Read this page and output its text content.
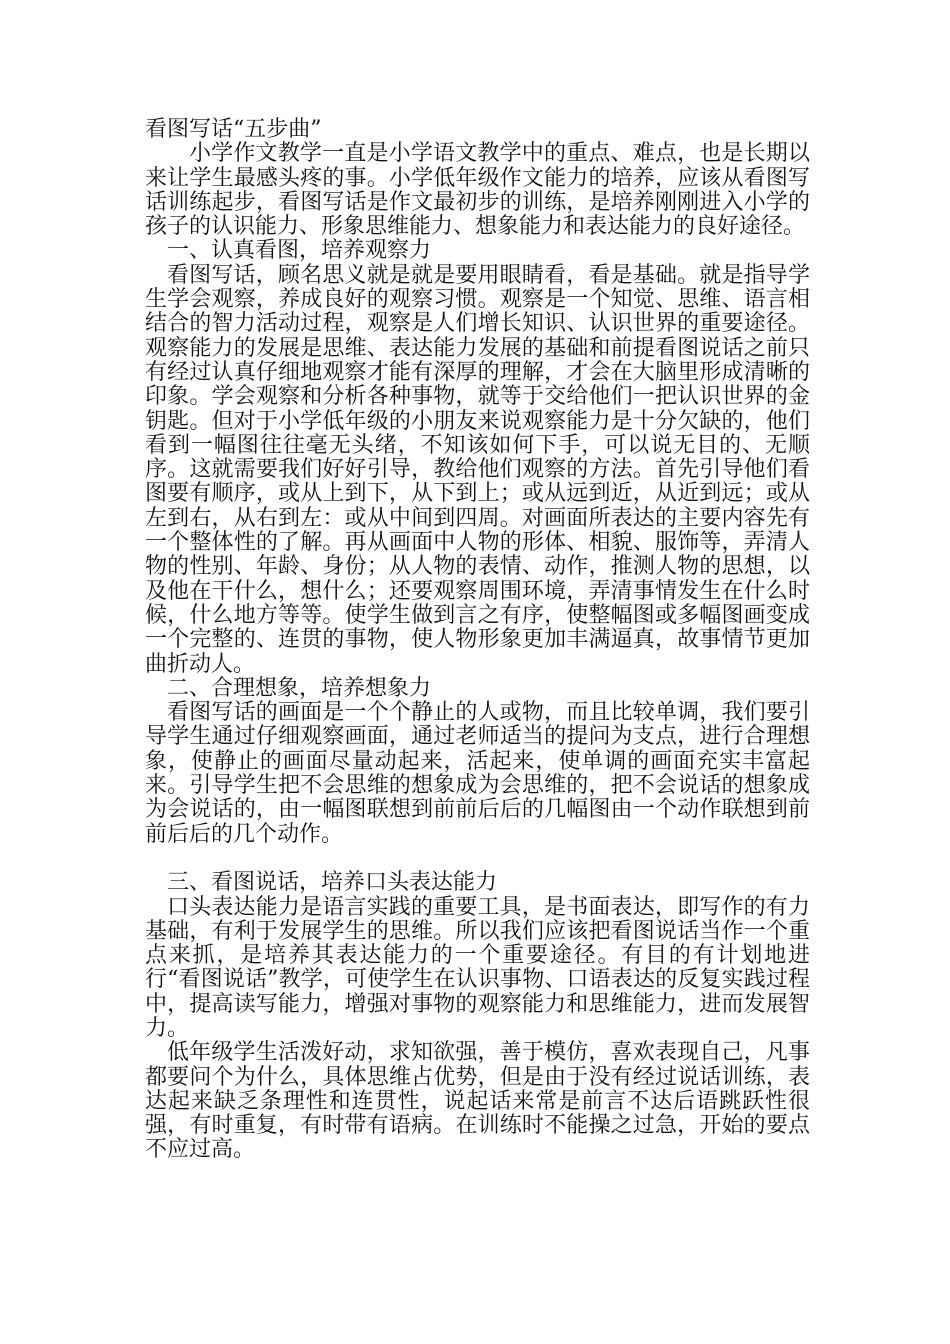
看图写话“五步曲”

小学作文教学一直是小学语文教学中的重点、难点，也是长期以来让学生最感头疼的事。小学低年级作文能力的培养，应该从看图写话训练起步，看图写话是作文最初步的训练，是培养刚刚进入小学的孩子的认识能力、形象思维能力、想象能力和表达能力的良好途径。

一、认真看图，培养观察力

看图写话，顾名思义就是就是要用眼睛看，看是基础。就是指导学生学会观察，养成良好的观察习惯。观察是一个知觉、思维、语言相结合的智力活动过程，观察是人们增长知识、认识世界的重要途径。观察能力的发展是思维、表达能力发展的基础和前提看图说话之前只有经过认真仔细地观察才能有深厚的理解，才会在大脑里形成清晰的印象。学会观察和分析各种事物，就等于交给他们一把认识世界的金钥匙。但对于小学低年级的小朋友来说观察能力是十分欠缺的，他们看到一幅图往往毫无头绪，不知该如何下手，可以说无目的、无顺序。这就需要我们好好引导，教给他们观察的方法。首先引导他们看图要有顺序，或从上到下，从下到上；或从远到近，从近到远；或从左到右，从右到左：或从中间到四周。对画面所表达的主要内容先有一个整体性的了解。再从画面中人物的形体、相貌、服饰等，弄清人物的性别、年龄、身份；从人物的表情、动作，推测人物的思想，以及他在干什么，想什么；还要观察周围环境，弄清事情发生在什么时候，什么地方等等。使学生做到言之有序，使整幅图或多幅图画变成一个完整的、连贯的事物，使人物形象更加丰满逼真，故事情节更加曲折动人。

二、合理想象，培养想象力

看图写话的画面是一个个静止的人或物，而且比较单调，我们要引导学生通过仔细观察画面，通过老师适当的提问为支点，进行合理想象，使静止的画面尽量动起来，活起来，使单调的画面充实丰富起来。引导学生把不会思维的想象成为会思维的，把不会说话的想象成为会说话的，由一幅图联想到前前后后的几幅图由一个动作联想到前前后后的几个动作。

三、看图说话，培养口头表达能力

口头表达能力是语言实践的重要工具，是书面表达，即写作的有力基础，有利于发展学生的思维。所以我们应该把看图说话当作一个重点来抓，是培养其表达能力的一个重要途径。有目的有计划地进行“看图说话”教学，可使学生在认识事物、口语表达的反复实践过程中，提高读写能力，增强对事物的观察能力和思维能力，进而发展智力。

低年级学生活泼好动，求知欲强，善于模仿，喜欢表现自己，凡事都要问个为什么，具体思维占优势，但是由于没有经过说话训练，表达起来缺乏条理性和连贯性，说起话来常是前言不达后语跳跃性很强，有时重复，有时带有语病。在训练时不能操之过急，开始的要点不应过高。
